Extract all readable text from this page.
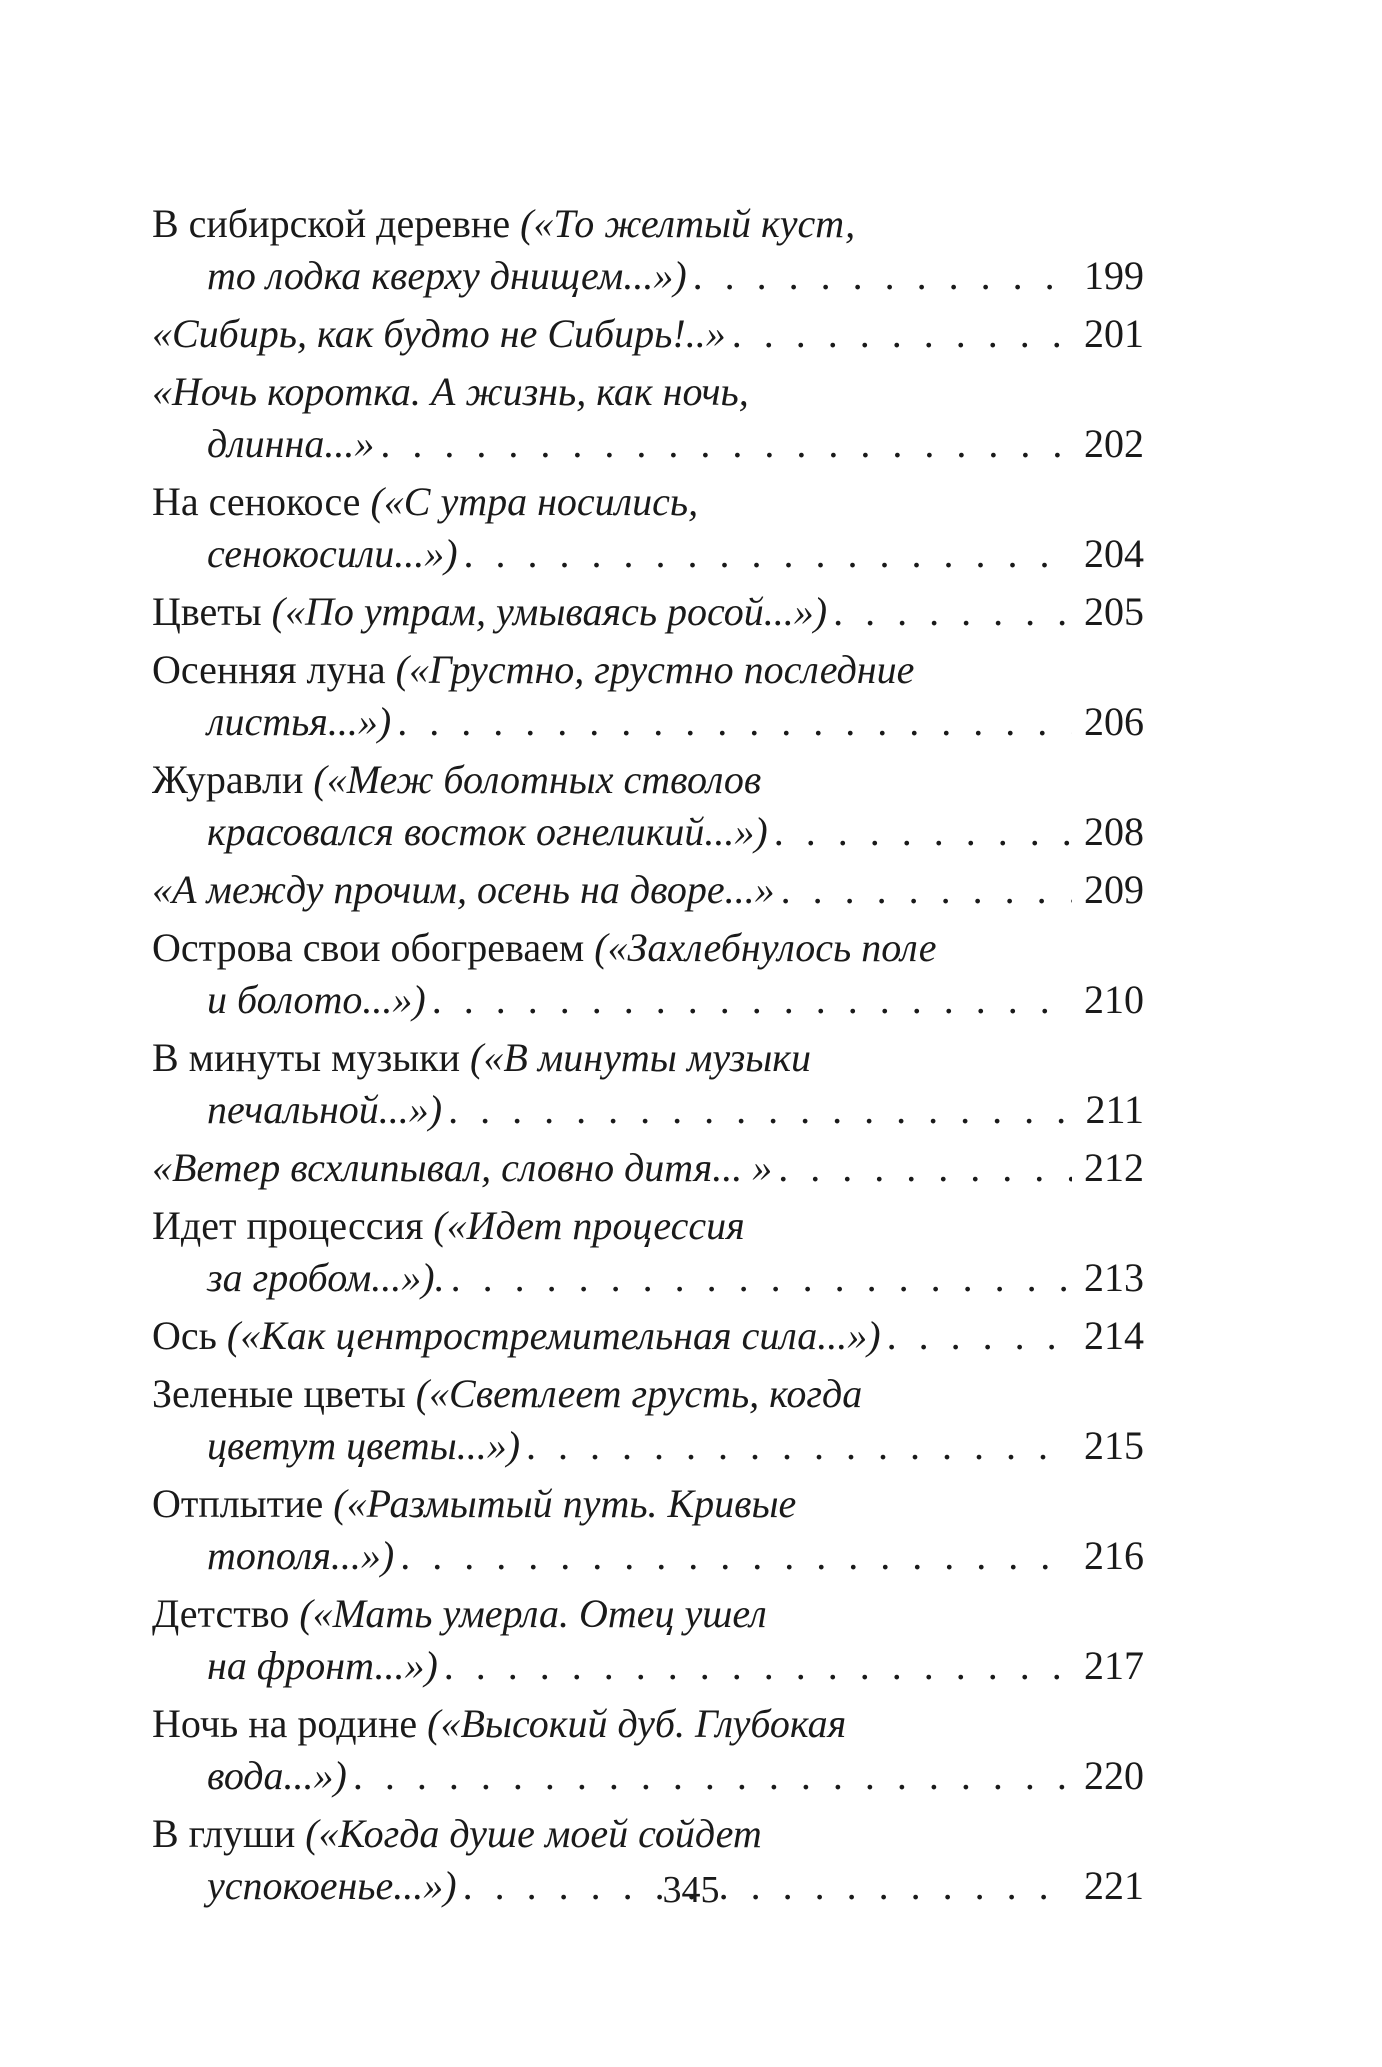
В сибирской деревне («То желтый куст,
то лодка кверху днищем...») . . .	199
«Сибирь, как будто не Сибирь!..» . . .	201
«Ночь коротка. А жизнь, как ночь,
длинна...» . . .	202
На сенокосе («С утра носились,
сенокосили...») . . .	204
Цветы («По утрам, умываясь росой...») . . .	205
Осенняя луна («Грустно, грустно последние
листья...») . . .	206
Журавли («Меж болотных стволов
красовался восток огнеликий...») . . .	208
«А между прочим, осень на дворе...» . . .	209
Острова свои обогреваем («Захлебнулось поле
и болото...») . . .	210
В минуты музыки («В минуты музыки
печальной...») . . .	211
«Ветер всхлипывал, словно дитя... » . . .	212
Идет процессия («Идет процессия
за гробом...»). . . .	213
Ось («Как центростремительная сила...») . . .	214
Зеленые цветы («Светлеет грусть, когда
цветут цветы...») . . .	215
Отплытие («Размытый путь. Кривые
тополя...») . . .	216
Детство («Мать умерла. Отец ушел
на фронт...») . . .	217
Ночь на родине («Высокий дуб. Глубокая
вода...») . . .	220
В глуши («Когда душе моей сойдет
успокоенье...») . . .	221
345
